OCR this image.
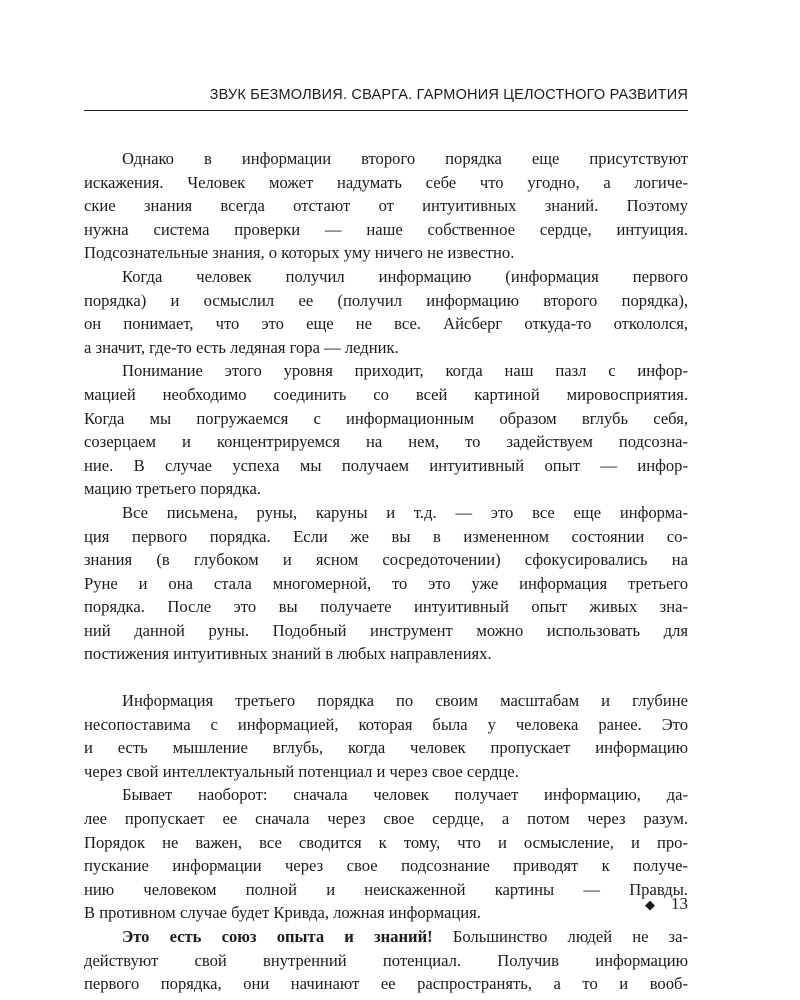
ЗВУК БЕЗМОЛВИЯ. СВАРГА. ГАРМОНИЯ ЦЕЛОСТНОГО РАЗВИТИЯ
Однако в информации второго порядка еще присутствуют
искажения. Человек может надумать себе что угодно, а логиче-
ские знания всегда отстают от интуитивных знаний. Поэтому
нужна система проверки — наше собственное сердце, интуиция.
Подсознательные знания, о которых уму ничего не известно.
Когда человек получил информацию (информация первого
порядка) и осмыслил ее (получил информацию второго порядка),
он понимает, что это еще не все. Айсберг откуда-то откололся,
а значит, где-то есть ледяная гора — ледник.
Понимание этого уровня приходит, когда наш пазл с инфор-
мацией необходимо соединить со всей картиной мировосприятия.
Когда мы погружаемся с информационным образом вглубь себя,
созерцаем и концентрируемся на нем, то задействуем подсозна-
ние. В случае успеха мы получаем интуитивный опыт — инфор-
мацию третьего порядка.
Все письмена, руны, каруны и т.д. — это все еще информа-
ция первого порядка. Если же вы в измененном состоянии со-
знания (в глубоком и ясном сосредоточении) сфокусировались на
Руне и она стала многомерной, то это уже информация третьего
порядка. После это вы получаете интуитивный опыт живых зна-
ний данной руны. Подобный инструмент можно использовать для
постижения интуитивных знаний в любых направлениях.
Информация третьего порядка по своим масштабам и глубине
несопоставима с информацией, которая была у человека ранее. Это
и есть мышление вглубь, когда человек пропускает информацию
через свой интеллектуальный потенциал и через свое сердце.
Бывает наоборот: сначала человек получает информацию, да-
лее пропускает ее сначала через свое сердце, а потом через разум.
Порядок не важен, все сводится к тому, что и осмысление, и про-
пускание информации через свое подсознание приводят к получе-
нию человеком полной и неискаженной картины — Правды.
В противном случае будет Кривда, ложная информация.
Это есть союз опыта и знаний! Большинство людей не за-
действуют свой внутренний потенциал. Получив информацию
первого порядка, они начинают ее распространять, а то и вооб-
◆ 13
